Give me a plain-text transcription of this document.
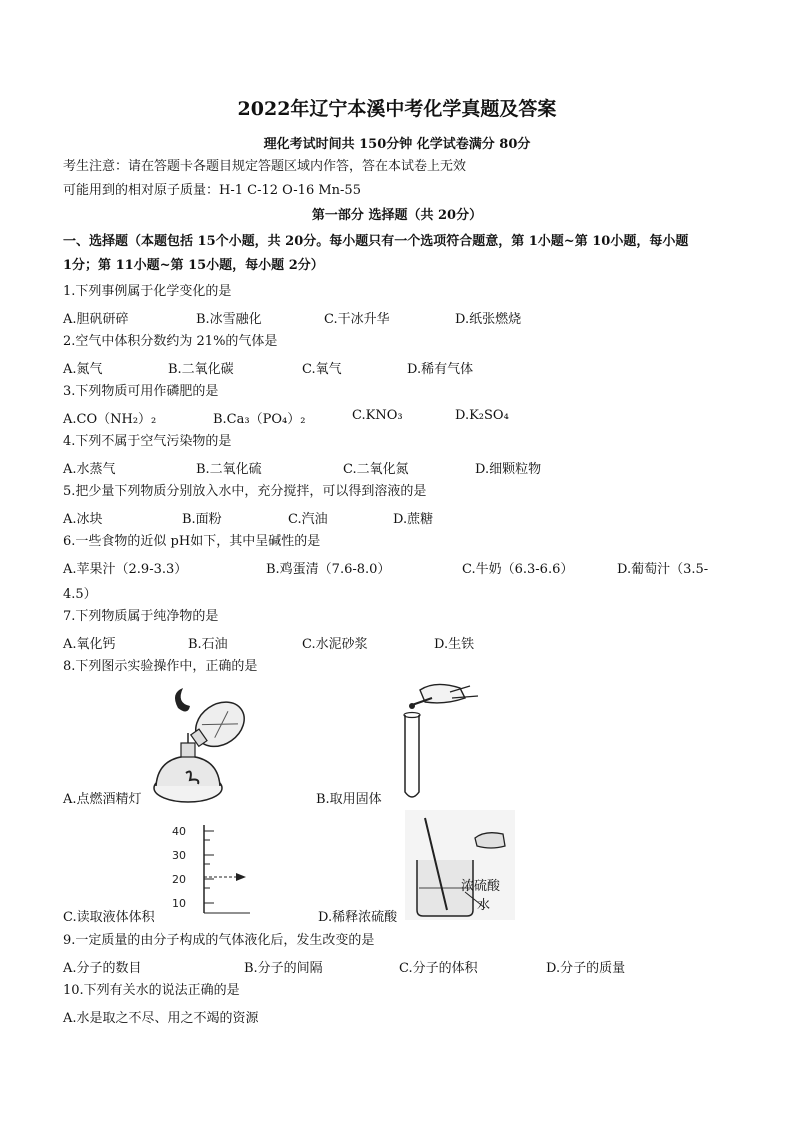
2022年辽宁本溪中考化学真题及答案
理化考试时间共 150分钟 化学试卷满分 80分
考生注意：请在答题卡各题目规定答题区域内作答，答在本试卷上无效
可能用到的相对原子质量：H-1 C-12 O-16 Mn-55
第一部分 选择题（共 20分）
一、选择题（本题包括 15个小题，共 20分。每小题只有一个选项符合题意，第 1小题~第 10小题，每小题
1分；第 11小题~第 15小题，每小题 2分）
1.下列事例属于化学变化的是
A.胆矾研碎	B.冰雪融化	C.干冰升华	D.纸张燃烧
2.空气中体积分数约为 21%的气体是
A.氮气	B.二氧化碳	C.氧气	D.稀有气体
3.下列物质可用作磷肥的是
A.CO（NH₂）₂	B.Ca₃（PO₄）₂	C.KNO₃	D.K₂SO₄
4.下列不属于空气污染物的是
A.水蒸气	B.二氧化硫	C.二氧化氮	D.细颗粒物
5.把少量下列物质分别放入水中，充分搅拌，可以得到溶液的是
A.冰块	B.面粉	C.汽油	D.蔗糖
6.一些食物的近似 pH如下，其中呈碱性的是
A.苹果汁（2.9-3.3）	B.鸡蛋清（7.6-8.0）	C.牛奶（6.3-6.6）	D.葡萄汁（3.5-
4.5）
7.下列物质属于纯净物的是
A.氧化钙	B.石油	C.水泥砂浆	D.生铁
8.下列图示实验操作中，正确的是
A.点燃酒精灯	B.取用固体
40
30
20
10
C.读取液体体积
浓硫酸
水
D.稀释浓硫酸
9.一定质量的由分子构成的气体液化后，发生改变的是
A.分子的数目	B.分子的间隔	C.分子的体积	D.分子的质量
10.下列有关水的说法正确的是
A.水是取之不尽、用之不竭的资源
